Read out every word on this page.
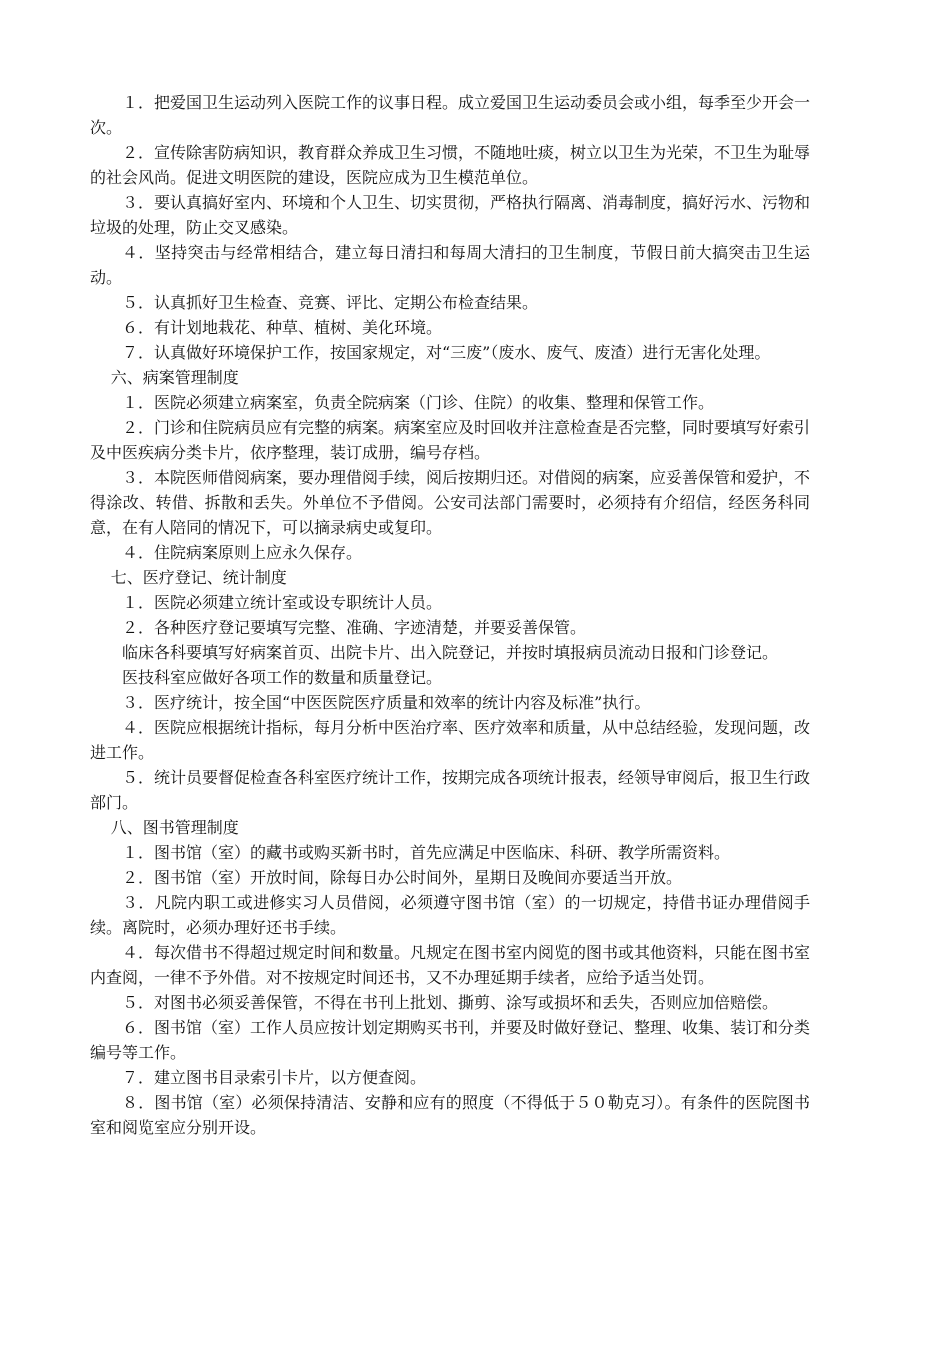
１．把爱国卫生运动列入医院工作的议事日程。成立爱国卫生运动委员会或小组，每季至少开会一次。

２．宣传除害防病知识，教育群众养成卫生习惯，不随地吐痰，树立以卫生为光荣，不卫生为耻辱的社会风尚。促进文明医院的建设，医院应成为卫生模范单位。

３．要认真搞好室内、环境和个人卫生、切实贯彻，严格执行隔离、消毒制度，搞好污水、污物和垃圾的处理，防止交叉感染。

４．坚持突击与经常相结合，建立每日清扫和每周大清扫的卫生制度，节假日前大搞突击卫生运动。

５．认真抓好卫生检查、竞赛、评比、定期公布检查结果。

６．有计划地栽花、种草、植树、美化环境。

７．认真做好环境保护工作，按国家规定，对“三废”（废水、废气、废渣）进行无害化处理。

六、病案管理制度

１．医院必须建立病案室，负责全院病案（门诊、住院）的收集、整理和保管工作。

２．门诊和住院病员应有完整的病案。病案室应及时回收并注意检查是否完整，同时要填写好索引及中医疾病分类卡片，依序整理，装订成册，编号存档。

３．本院医师借阅病案，要办理借阅手续，阅后按期归还。对借阅的病案，应妥善保管和爱护，不得涂改、转借、拆散和丢失。外单位不予借阅。公安司法部门需要时，必须持有介绍信，经医务科同意，在有人陪同的情况下，可以摘录病史或复印。

４．住院病案原则上应永久保存。

七、医疗登记、统计制度

１．医院必须建立统计室或设专职统计人员。

２．各种医疗登记要填写完整、准确、字迹清楚，并要妥善保管。

临床各科要填写好病案首页、出院卡片、出入院登记，并按时填报病员流动日报和门诊登记。

医技科室应做好各项工作的数量和质量登记。

３．医疗统计，按全国“中医医院医疗质量和效率的统计内容及标准”执行。

４．医院应根据统计指标，每月分析中医治疗率、医疗效率和质量，从中总结经验，发现问题，改进工作。

５．统计员要督促检查各科室医疗统计工作，按期完成各项统计报表，经领导审阅后，报卫生行政部门。

八、图书管理制度

１．图书馆（室）的藏书或购买新书时，首先应满足中医临床、科研、教学所需资料。

２．图书馆（室）开放时间，除每日办公时间外，星期日及晚间亦要适当开放。

３．凡院内职工或进修实习人员借阅，必须遵守图书馆（室）的一切规定，持借书证办理借阅手续。离院时，必须办理好还书手续。

４．每次借书不得超过规定时间和数量。凡规定在图书室内阅览的图书或其他资料，只能在图书室内查阅，一律不予外借。对不按规定时间还书，又不办理延期手续者，应给予适当处罚。

５．对图书必须妥善保管，不得在书刊上批划、撕剪、涂写或损坏和丢失，否则应加倍赔偿。

６．图书馆（室）工作人员应按计划定期购买书刊，并要及时做好登记、整理、收集、装订和分类编号等工作。

７．建立图书目录索引卡片，以方便查阅。

８．图书馆（室）必须保持清洁、安静和应有的照度（不得低于５０勒克习）。有条件的医院图书室和阅览室应分别开设。
